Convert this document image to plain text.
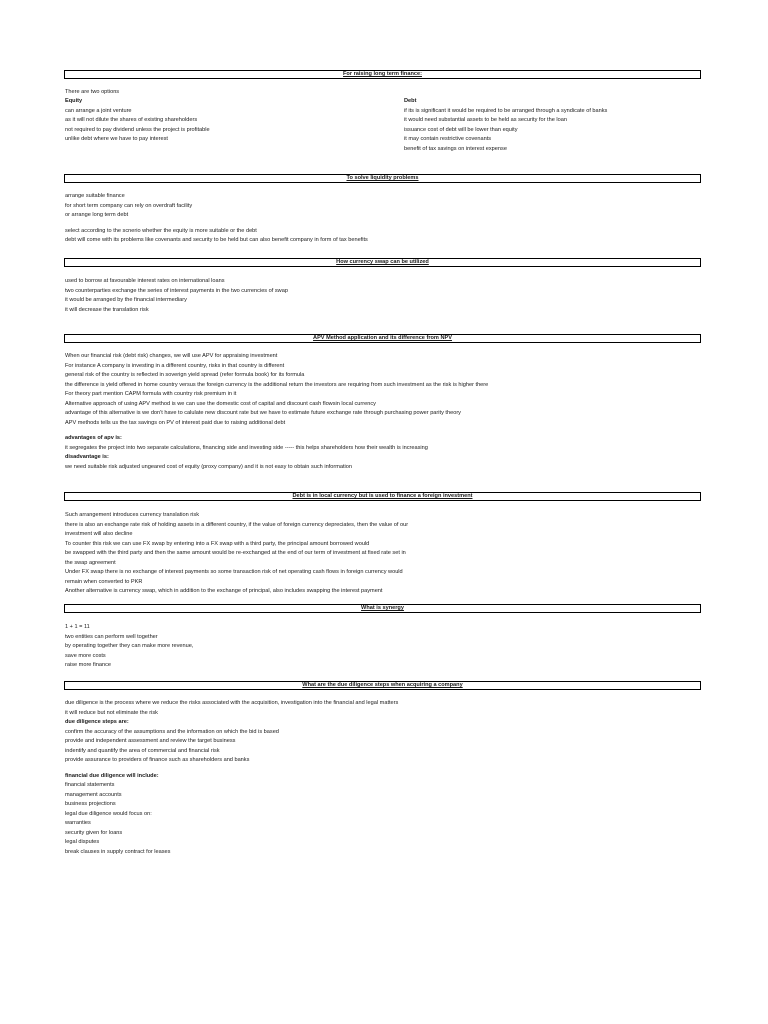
For raising long term finance:
There are two options
Equity
can arrange a joint venture
as it will not dilute the shares of existing shareholders
not required to pay dividend unless the project is profitable
unlike debt where we have to pay interest
Debt
if its is significant it would be required to be arranged through a syndicate of banks
it would need substantial assets to be held as security for the loan
issuance cost of debt will be lower than equity
it may contain restrictive covenants
benefit of tax savings on interest expense
To solve liquidity problems
arrange suitable finance
for short term company can rely on overdraft facility
or arrange long term debt
select according to the scnerio whether the equity is more suitable or the debt
debt will come with its problems like covenants and security to be held but can also benefit company in form of tax benefits
How currency swap can be utilized
used to borrow at favourable interest rates on international loans
two counterparties exchange the series of interest payments in the two currencies of swap
it would be arranged by the financial intermediary
it will decrease the translation risk
APV Method application and its difference from NPV
When our financial risk (debt risk) changes, we will use APV for appraising investment
For instance A company is investing in a different country, risks in that country is different
general risk of the country is reflected in soverign yield spread (refer formula book) for its formula
the difference is yield offered in home country versus the foreign currency is the additional return the investors are requiring from such investment as the risk is higher there
For theory part mention CAPM formula with country risk premium in it
Alternative approach of using APV method is we can use the domestic cost of capital and discount cash flowsin local currency
advantage of this alternative is we don't have to calulate new discount rate but we have to estimate future exchange rate through purchasing power parity theory
APV methods tells us the tax savings on PV of interest paid due to raising additional debt
advantages of apv is:
it segregates the project into two separate calculations, financing side and investing side ----- this helps shareholders how their wealth is increasing
disadvantage is:
we need suitable risk adjusted ungeared cost of equity (proxy company) and it is not easy to obtain such information
Debt is in local currency but is used to finance a foreign investment
Such arrangement introduces currency translation risk
there is also an exchange rate risk of holding assets in a different country, if the value of foreign currency depreciates, then the value of our
investment will also decline
To counter this risk we can use FX swap by entering into a FX swap with a third party, the principal amount borrowed would
be swapped with the third party and then the same amount would be re-exchanged at the end of our term of investment at fixed rate set in
the swap agreement
Under FX swap there is no exchange of interest payments so some transaction risk of net operating cash flows in foreign currency would
remain when converted to PKR
Another alternative is currency swap, which in addition to the exchange of principal, also includes swapping the interest payment
What is synergy
1 + 1 = 11
two entities can perform well together
by operating together they can make more revenue,
save more costs
raise more finance
What are the due diligence steps when acquiring a company
due diligence is the process where we reduce the risks associated with the acquisition, investigation into the financial and legal matters
it will reduce but not eliminate the risk
due diligence steps are:
confirm the accuracy of the assumptions and the information on which the bid is based
provide and independent assessment and review the target business
indentify and quantify the area of commercial and financial risk
provide assurance to providers of finance such as shareholders and banks
financial due diligence will include:
financial statements
management accounts
business projections
legal due diligence would focus on:
warranties
security given for loans
legal disputes
break clauses in supply contract for leases
